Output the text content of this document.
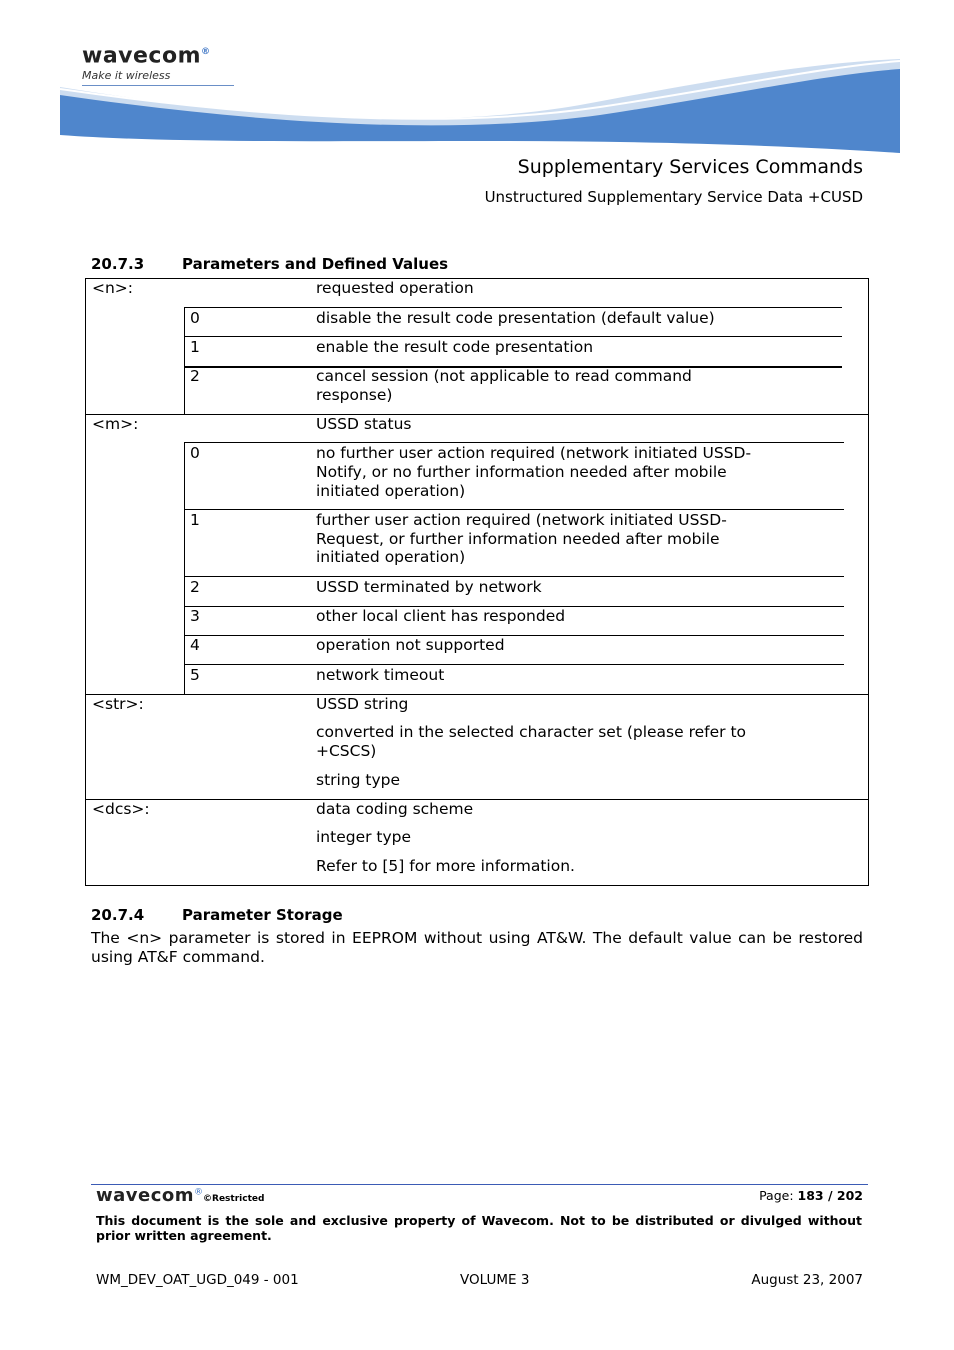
wavecom®
Make it wireless
Supplementary Services Commands
Unstructured Supplementary Service Data +CUSD
20.7.3	Parameters and Defined Values
<n>:	requested operation
0	disable the result code presentation (default value)
1	enable the result code presentation
2	cancel session (not applicable to read command
response)
<m>:	USSD status
0	no further user action required (network initiated USSD-
Notify, or no further information needed after mobile
initiated operation)
1	further user action required (network initiated USSD-
Request, or further information needed after mobile
initiated operation)
2	USSD terminated by network
3	other local client has responded
4	operation not supported
5	network timeout
<str>:	USSD string
converted in the selected character set (please refer to
+CSCS)
string type
<dcs>:	data coding scheme
integer type
Refer to [5] for more information.
20.7.4	Parameter Storage
The <n> parameter is stored in EEPROM without using AT&W. The default value can be restored using AT&F command.
wavecom®©Restricted	Page: 183 / 202
This document is the sole and exclusive property of Wavecom. Not to be distributed or divulged without prior written agreement.
WM_DEV_OAT_UGD_049 - 001	VOLUME 3	August 23, 2007
